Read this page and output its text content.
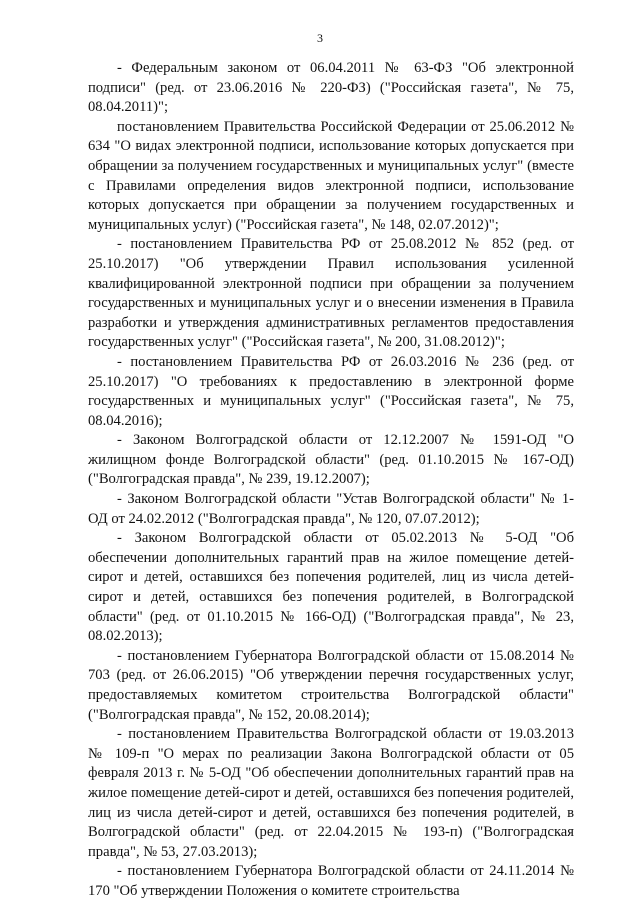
3

- Федеральным законом от 06.04.2011 № 63-ФЗ "Об электронной подписи" (ред. от 23.06.2016 № 220-ФЗ) ("Российская газета", № 75, 08.04.2011)";

постановлением Правительства Российской Федерации от 25.06.2012 № 634 "О видах электронной подписи, использование которых допускается при обращении за получением государственных и муниципальных услуг" (вместе с Правилами определения видов электронной подписи, использование которых допускается при обращении за получением государственных и муниципальных услуг) ("Российская газета", № 148, 02.07.2012)";

- постановлением Правительства РФ от 25.08.2012 № 852 (ред. от 25.10.2017) "Об утверждении Правил использования усиленной квалифицированной электронной подписи при обращении за получением государственных и муниципальных услуг и о внесении изменения в Правила разработки и утверждения административных регламентов предоставления государственных услуг" ("Российская газета", № 200, 31.08.2012)";

- постановлением Правительства РФ от 26.03.2016 № 236 (ред. от 25.10.2017) "О требованиях к предоставлению в электронной форме государственных и муниципальных услуг" ("Российская газета", № 75, 08.04.2016);

- Законом Волгоградской области от 12.12.2007 № 1591-ОД "О жилищном фонде Волгоградской области" (ред. 01.10.2015 № 167-ОД) ("Волгоградская правда", № 239, 19.12.2007);

- Законом Волгоградской области "Устав Волгоградской области" № 1-ОД от 24.02.2012 ("Волгоградская правда", № 120, 07.07.2012);

- Законом Волгоградской области от 05.02.2013 № 5-ОД "Об обеспечении дополнительных гарантий прав на жилое помещение детей-сирот и детей, оставшихся без попечения родителей, лиц из числа детей-сирот и детей, оставшихся без попечения родителей, в Волгоградской области" (ред. от 01.10.2015 № 166-ОД) ("Волгоградская правда", № 23, 08.02.2013);

- постановлением Губернатора Волгоградской области от 15.08.2014 № 703 (ред. от 26.06.2015) "Об утверждении перечня государственных услуг, предоставляемых комитетом строительства Волгоградской области" ("Волгоградская правда", № 152, 20.08.2014);

- постановлением Правительства Волгоградской области от 19.03.2013 № 109-п "О мерах по реализации Закона Волгоградской области от 05 февраля 2013 г. № 5-ОД "Об обеспечении дополнительных гарантий прав на жилое помещение детей-сирот и детей, оставшихся без попечения родителей, лиц из числа детей-сирот и детей, оставшихся без попечения родителей, в Волгоградской области" (ред. от 22.04.2015 № 193-п) ("Волгоградская правда", № 53, 27.03.2013);

- постановлением Губернатора Волгоградской области от 24.11.2014 № 170 "Об утверждении Положения о комитете строительства
